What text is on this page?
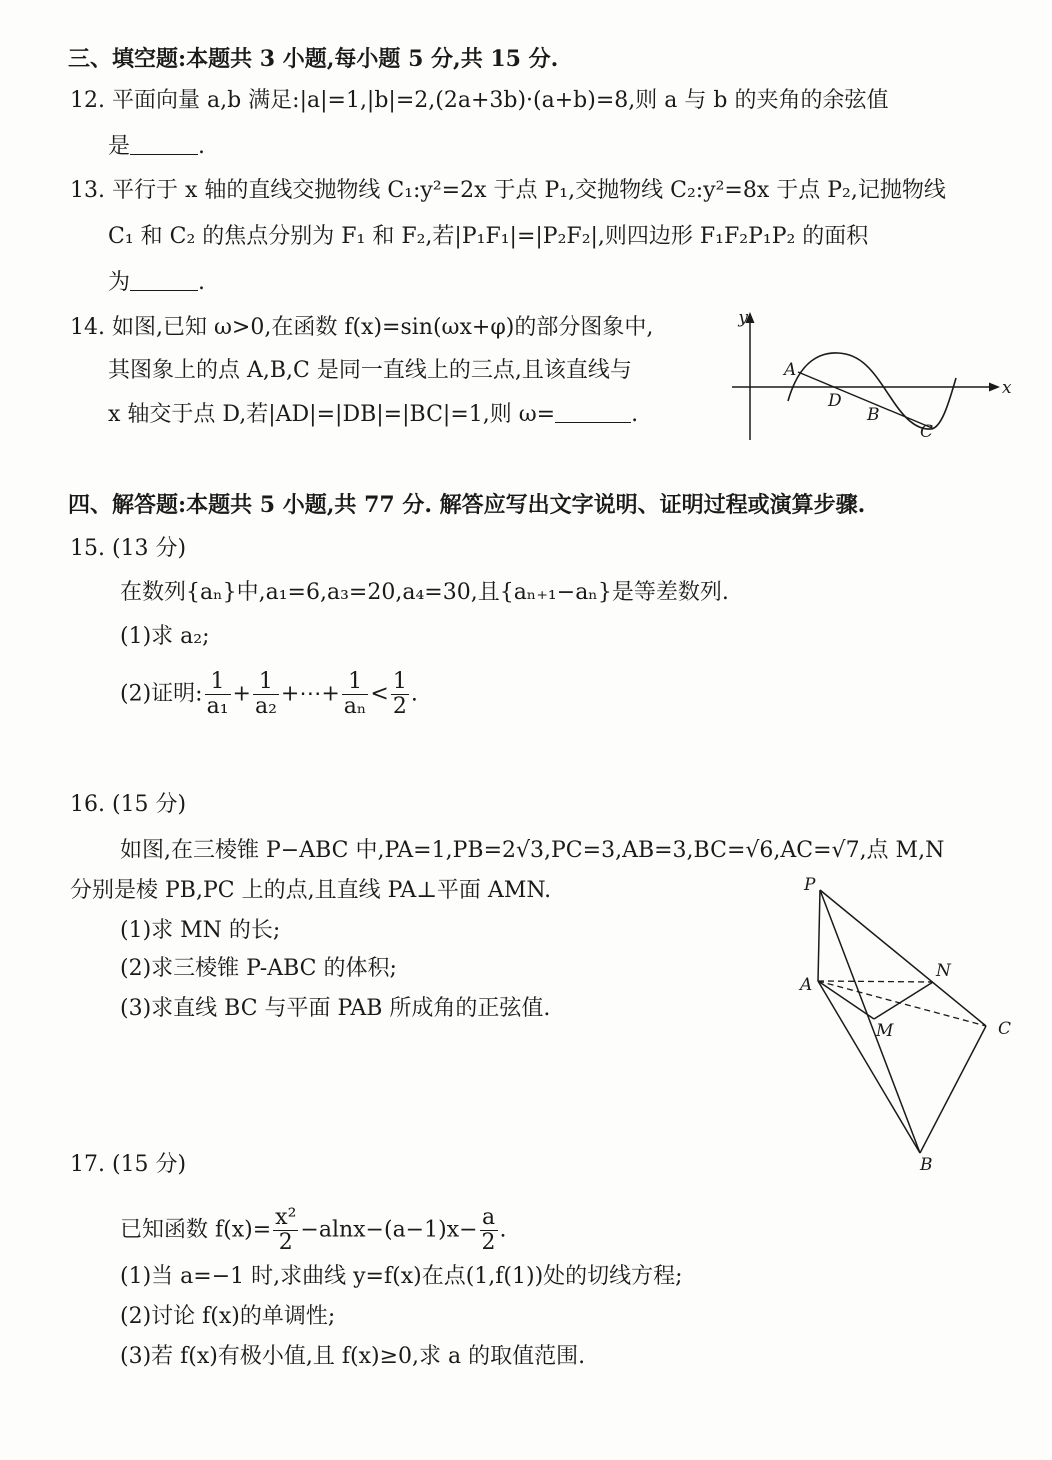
三、填空题:本题共 3 小题,每小题 5 分,共 15 分.
12. 平面向量 a,b 满足:|a|=1,|b|=2,(2a+3b)·(a+b)=8,则 a 与 b 的夹角的余弦值
是	.
13. 平行于 x 轴的直线交抛物线 C₁:y²=2x 于点 P₁,交抛物线 C₂:y²=8x 于点 P₂,记抛物线
C₁ 和 C₂ 的焦点分别为 F₁ 和 F₂,若|P₁F₁|=|P₂F₂|,则四边形 F₁F₂P₁P₂ 的面积
为	.
14. 如图,已知 ω>0,在函数 f(x)=sin(ωx+φ)的部分图象中,
其图象上的点 A,B,C 是同一直线上的三点,且该直线与
x 轴交于点 D,若|AD|=|DB|=|BC|=1,则 ω=	.
y
x
A
D
B
C
四、解答题:本题共 5 小题,共 77 分. 解答应写出文字说明、证明过程或演算步骤.
15. (13 分)
在数列{aₙ}中,a₁=6,a₃=20,a₄=30,且{aₙ₊₁−aₙ}是等差数列.
(1)求 a₂;
(2)证明: $\frac{1}{\text{a₁}} + \frac{1}{\text{a₂}}$ +⋯+ $\frac{1}{\text{aₙ}} < \frac{1}{2}$ .
16. (15 分)
如图,在三棱锥 P−ABC 中,PA=1,PB=2√3,PC=3,AB=3,BC=√6,AC=√7,点 M,N
分别是棱 PB,PC 上的点,且直线 PA⊥平面 AMN.
(1)求 MN 的长;
(2)求三棱锥 P-ABC 的体积;
(3)求直线 BC 与平面 PAB 所成角的正弦值.
P
A
N
M	C
B
17. (15 分)
已知函数 $f(x)= \frac{\text{x²}}{2} -alnx-(a-1)x- \frac{a}{2}$ .
(1)当 a=−1 时,求曲线 y=f(x)在点(1,f(1))处的切线方程;
(2)讨论 f(x)的单调性;
(3)若 f(x)有极小值,且 f(x)≥0,求 a 的取值范围.
